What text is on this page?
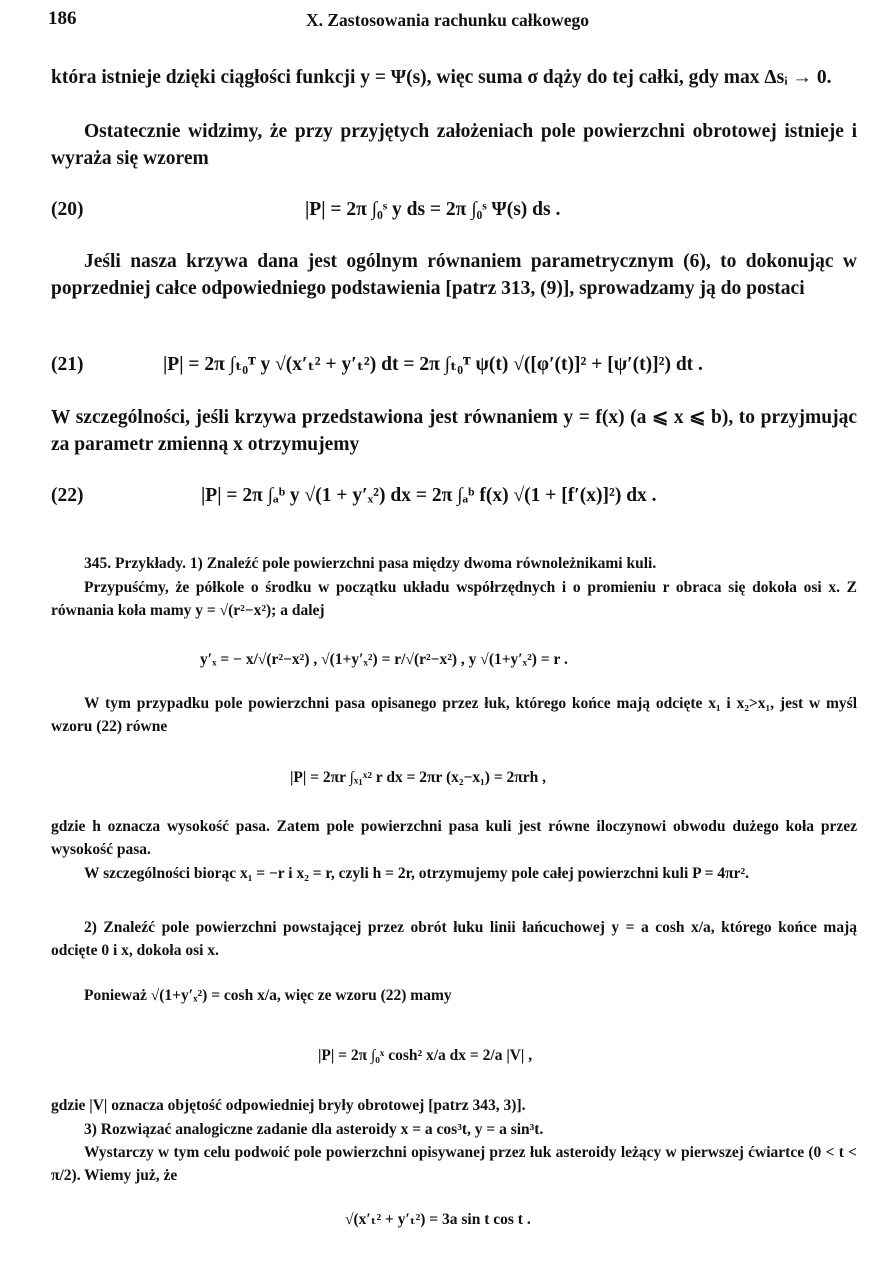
186	X. Zastosowania rachunku całkowego

która istnieje dzięki ciągłości funkcji y = Ψ(s), więc suma σ dąży do tej całki, gdy max Δsᵢ → 0.

Ostatecznie widzimy, że przy przyjętych założeniach pole powierzchni obrotowej istnieje i wyraża się wzorem

(20)	|P| = 2π ∫₀ˢ y ds = 2π ∫₀ˢ Ψ(s) ds .

Jeśli nasza krzywa dana jest ogólnym równaniem parametrycznym (6), to dokonując w poprzedniej całce odpowiedniego podstawienia [patrz 313, (9)], sprowadzamy ją do postaci

(21)	|P| = 2π ∫ₜ₀ᵀ y √(x′ₜ² + y′ₜ²) dt = 2π ∫ₜ₀ᵀ ψ(t) √([φ′(t)]² + [ψ′(t)]²) dt .

W szczególności, jeśli krzywa przedstawiona jest równaniem y = f(x) (a ⩽ x ⩽ b), to przyjmując za parametr zmienną x otrzymujemy

(22)	|P| = 2π ∫ₐᵇ y √(1 + y′ₓ²) dx = 2π ∫ₐᵇ f(x) √(1 + [f′(x)]²) dx .

345. Przykłady. 1) Znaleźć pole powierzchni pasa między dwoma równoleżnikami kuli.

Przypuśćmy, że półkole o środku w początku układu współrzędnych i o promieniu r obraca się dokoła osi x. Z równania koła mamy y = √(r²−x²); a dalej

y′ₓ = − x/√(r²−x²) , √(1+y′ₓ²) = r/√(r²−x²) , y √(1+y′ₓ²) = r .

W tym przypadku pole powierzchni pasa opisanego przez łuk, którego końce mają odcięte x₁ i x₂>x₁, jest w myśl wzoru (22) równe

|P| = 2πr ∫ₓ₁ˣ² r dx = 2πr (x₂−x₁) = 2πrh ,

gdzie h oznacza wysokość pasa. Zatem pole powierzchni pasa kuli jest równe iloczynowi obwodu dużego koła przez wysokość pasa.

W szczególności biorąc x₁ = −r i x₂ = r, czyli h = 2r, otrzymujemy pole całej powierzchni kuli P = 4πr².

2) Znaleźć pole powierzchni powstającej przez obrót łuku linii łańcuchowej y = a cosh x/a, którego końce mają odcięte 0 i x, dokoła osi x.

Ponieważ √(1+y′ₓ²) = cosh x/a, więc ze wzoru (22) mamy

|P| = 2π ∫₀ˣ cosh² x/a dx = 2/a |V| ,

gdzie |V| oznacza objętość odpowiedniej bryły obrotowej [patrz 343, 3)].

3) Rozwiązać analogiczne zadanie dla asteroidy x = a cos³t, y = a sin³t.

Wystarczy w tym celu podwoić pole powierzchni opisywanej przez łuk asteroidy leżący w pierwszej ćwiartce (0 < t < π/2). Wiemy już, że

√(x′ₜ² + y′ₜ²) = 3a sin t cos t .
